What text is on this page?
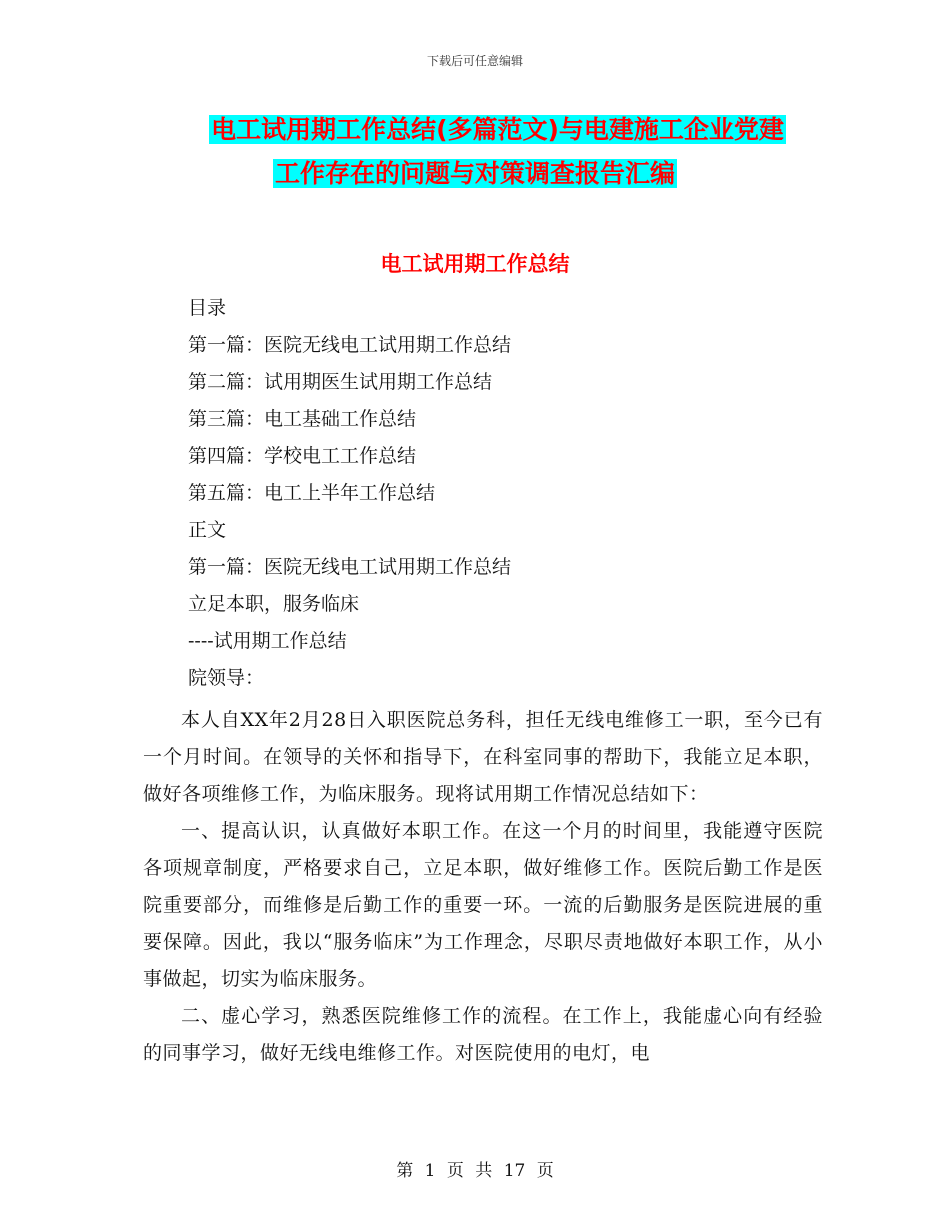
下载后可任意编辑
电工试用期工作总结(多篇范文)与电建施工企业党建
工作存在的问题与对策调查报告汇编
电工试用期工作总结
目录
第一篇：医院无线电工试用期工作总结
第二篇：试用期医生试用期工作总结
第三篇：电工基础工作总结
第四篇：学校电工工作总结
第五篇：电工上半年工作总结
正文
第一篇：医院无线电工试用期工作总结
立足本职，服务临床
----试用期工作总结
院领导：

本人自XX年2月28日入职医院总务科，担任无线电维修工一职，至今已有一个月时间。在领导的关怀和指导下，在科室同事的帮助下，我能立足本职，做好各项维修工作，为临床服务。现将试用期工作情况总结如下：

一、提高认识，认真做好本职工作。在这一个月的时间里，我能遵守医院各项规章制度，严格要求自己，立足本职，做好维修工作。医院后勤工作是医院重要部分，而维修是后勤工作的重要一环。一流的后勤服务是医院进展的重要保障。因此，我以“服务临床”为工作理念，尽职尽责地做好本职工作，从小事做起，切实为临床服务。

二、虚心学习，熟悉医院维修工作的流程。在工作上，我能虚心向有经验的同事学习，做好无线电维修工作。对医院使用的电灯，电

第 1 页 共 17 页
